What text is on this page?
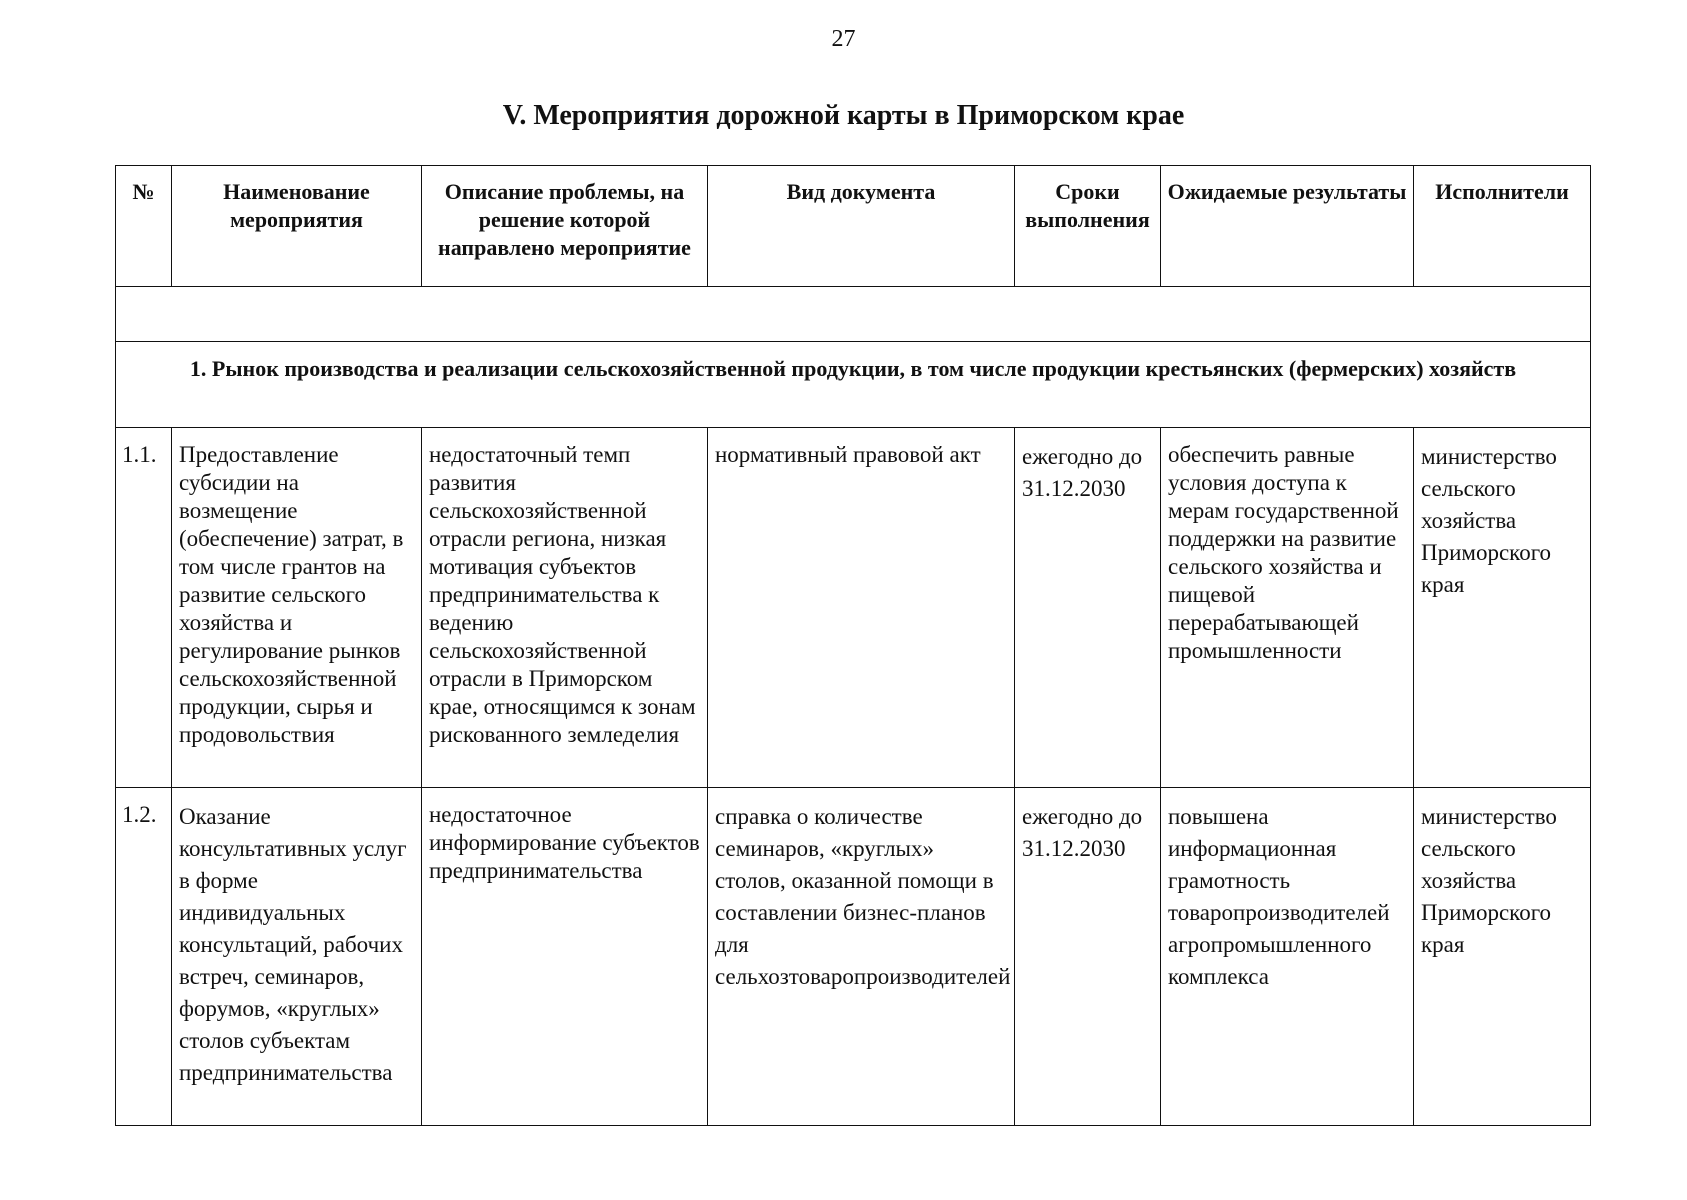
27
V. Мероприятия дорожной карты в Приморском крае
№	Наименование мероприятия	Описание проблемы, на решение которой направлено мероприятие	Вид документа	Сроки выполнения	Ожидаемые результаты	Исполнители

1. Рынок производства и реализации сельскохозяйственной продукции, в том числе продукции крестьянских (фермерских) хозяйств						
1.1.	Предоставление субсидии на возмещение (обеспечение) затрат, в том числе грантов на развитие сельского хозяйства и регулирование рынков сельскохозяйственной продукции, сырья и продовольствия	недостаточный темп развития сельскохозяйственной отрасли региона, низкая мотивация субъектов предпринимательства к ведению сельскохозяйственной отрасли в Приморском крае, относящимся к зонам рискованного земледелия	нормативный правовой акт	ежегодно до 31.12.2030	обеспечить равные условия доступа к мерам государственной поддержки на развитие сельского хозяйства и пищевой перерабатывающей промышленности	министерство сельского хозяйства Приморского края
1.2.	Оказание консультативных услуг в форме индивидуальных консультаций, рабочих встреч, семинаров, форумов, «круглых» столов субъектам предпринимательства	недостаточное информирование субъектов предпринимательства	справка о количестве семинаров, «круглых» столов, оказанной помощи в составлении бизнес-планов для сельхозтоваропроизводителей	ежегодно до 31.12.2030	повышена информационная грамотность товаропроизводителей агропромышленного комплекса	министерство сельского хозяйства Приморского края
